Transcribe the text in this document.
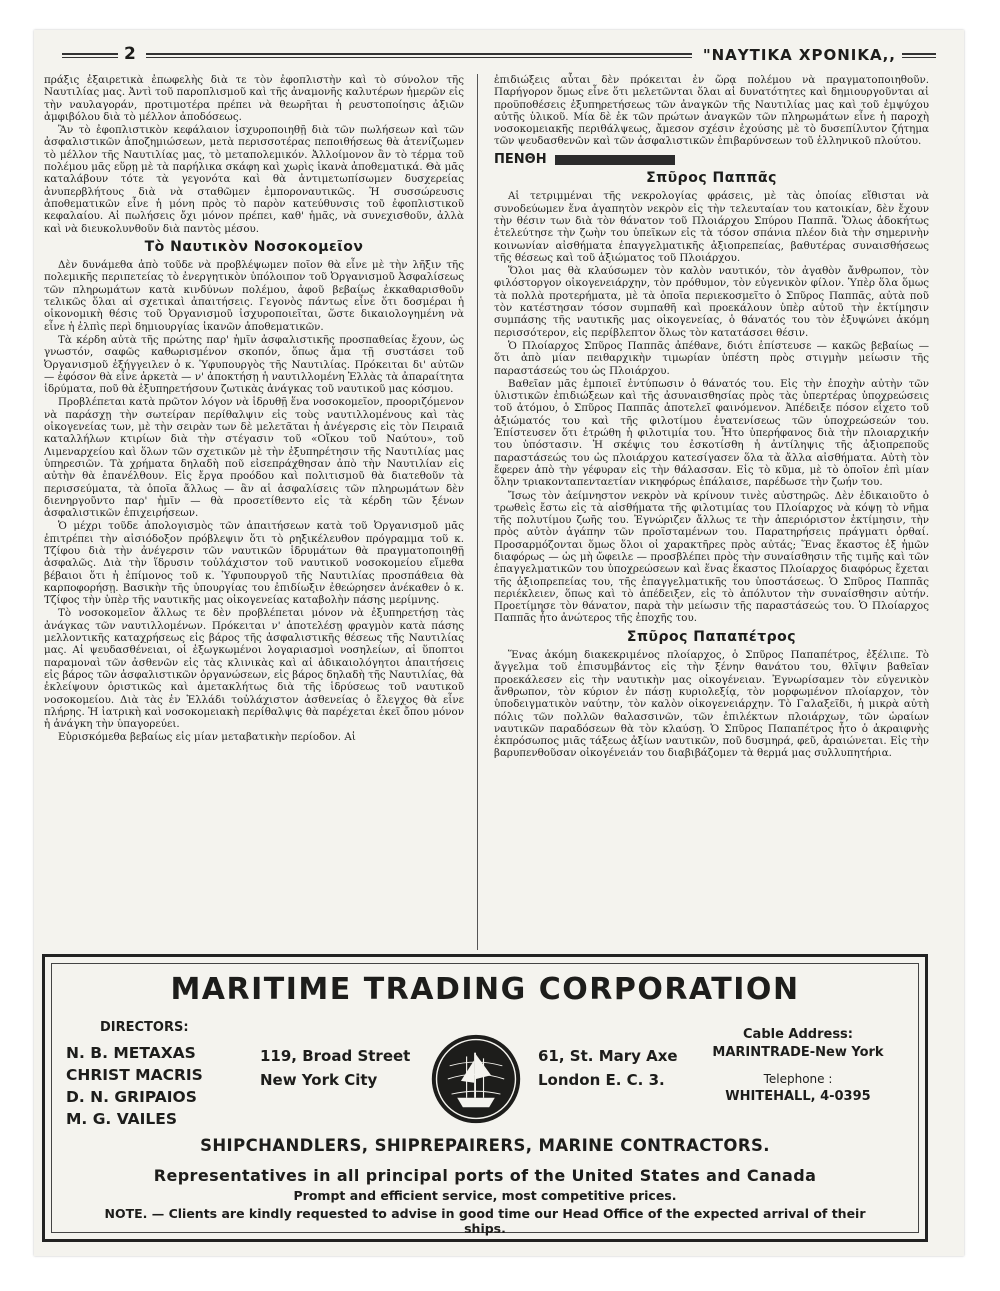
2	"ΝΑΥΤΙΚΑ ΧΡΟΝΙΚΑ,,

πράξις ἐξαιρετικὰ ἐπωφελὴς διὰ τε τὸν ἐφοπλιστὴν καὶ τὸ σύνολον τῆς Ναυτιλίας μας. Ἀντὶ τοῦ παροπλισμοῦ καὶ τῆς ἀναμονῆς καλυτέρων ἡμερῶν εἰς τὴν ναυλαγοράν, προτιμοτέρα πρέπει νὰ θεωρῆται ἡ ρευστοποίησις ἀξιῶν ἀμφιβόλου διὰ τὸ μέλλον ἀποδόσεως.

Ἂν τὸ ἐφοπλιστικὸν κεφάλαιον ἰσχυροποιηθῇ διὰ τῶν πωλήσεων καὶ τῶν ἀσφαλιστικῶν ἀποζημιώσεων, μετὰ περισσοτέρας πεποιθήσεως θὰ ἀτενίζωμεν τὸ μέλλον τῆς Ναυτιλίας μας, τὸ μεταπολεμικόν. Ἀλλοίμονον ἂν τὸ τέρμα τοῦ πολέμου μᾶς εὕρῃ μὲ τὰ παρήλικα σκάφη καὶ χωρὶς ἱκανὰ ἀποθεματικά. Θὰ μᾶς καταλάβουν τότε τὰ γεγονότα καὶ θὰ ἀντιμετωπίσωμεν δυσχερείας ἀνυπερβλήτους διὰ νὰ σταθῶμεν ἐμποροναυτικῶς. Ἡ συσσώρευσις ἀποθεματικῶν εἶνε ἡ μόνη πρὸς τὸ παρὸν κατεύθυνσις τοῦ ἐφοπλιστικοῦ κεφαλαίου. Αἱ πωλήσεις ὄχι μόνον πρέπει, καθ' ἡμᾶς, νὰ συνεχισθοῦν, ἀλλὰ καὶ νὰ διευκολυνθοῦν διὰ παντὸς μέσου.

Τὸ Ναυτικὸν Νοσοκομεῖον

Δὲν δυνάμεθα ἀπὸ τοῦδε νὰ προβλέψωμεν ποῖον θὰ εἶνε μὲ τὴν λῆξιν τῆς πολεμικῆς περιπετείας τὸ ἐνεργητικὸν ὑπόλοιπον τοῦ Ὀργανισμοῦ Ἀσφαλίσεως τῶν πληρωμάτων κατὰ κινδύνων πολέμου, ἀφοῦ βεβαίως ἐκκαθαρισθοῦν τελικῶς ὅλαι αἱ σχετικαὶ ἀπαιτήσεις. Γεγονὸς πάντως εἶνε ὅτι δοσμέραι ἡ οἰκονομικὴ θέσις τοῦ Ὀργανισμοῦ ἰσχυροποιεῖται, ὥστε δικαιολογημένη νὰ εἶνε ἡ ἐλπὶς περὶ δημιουργίας ἱκανῶν ἀποθεματικῶν.

Τὰ κέρδη αὐτὰ τῆς πρώτης παρ' ἡμῖν ἀσφαλιστικῆς προσπαθείας ἔχουν, ὡς γνωστόν, σαφῶς καθωρισμένον σκοπόν, ὅπως ἄμα τῇ συστάσει τοῦ Ὀργανισμοῦ ἐξήγγειλεν ὁ κ. Ὑφυπουργὸς τῆς Ναυτιλίας. Πρόκειται δι' αὐτῶν — ἐφόσον θὰ εἶνε ἀρκετὰ — ν' ἀποκτήσῃ ἡ ναυτιλλομένη Ἑλλὰς τὰ ἀπαραίτητα ἱδρύματα, ποῦ θὰ ἐξυπηρετήσουν ζωτικὰς ἀνάγκας τοῦ ναυτικοῦ μας κόσμου.

Προβλέπεται κατὰ πρῶτον λόγον νὰ ἱδρυθῇ ἕνα νοσοκομεῖον, προοριζόμενον νὰ παράσχῃ τὴν σωτείραν περίθαλψιν εἰς τοὺς ναυτιλλομένους καὶ τὰς οἰκογενείας των, μὲ τὴν σειρὰν των δὲ μελετᾶται ἡ ἀνέγερσις εἰς τὸν Πειραιᾶ καταλλήλων κτιρίων διὰ τὴν στέγασιν τοῦ «Οἴκου τοῦ Ναύτου», τοῦ Λιμεναρχείου καὶ ὅλων τῶν σχετικῶν μὲ τὴν ἐξυπηρέτησιν τῆς Ναυτιλίας μας ὑπηρεσιῶν. Τὰ χρήματα δηλαδὴ ποῦ εἰσεπράχθησαν ἀπὸ τὴν Ναυτιλίαν εἰς αὐτὴν θὰ ἐπανέλθουν. Εἰς ἔργα προόδου καὶ πολιτισμοῦ θὰ διατεθοῦν τὰ περισσεύματα, τὰ ὁποῖα ἄλλως — ἂν αἱ ἀσφαλίσεις τῶν πληρωμάτων δὲν διενηργοῦντο παρ' ἡμῖν — θὰ προσετίθεντο εἰς τὰ κέρδη τῶν ξένων ἀσφαλιστικῶν ἐπιχειρήσεων.

Ὁ μέχρι τοῦδε ἀπολογισμὸς τῶν ἀπαιτήσεων κατὰ τοῦ Ὀργανισμοῦ μᾶς ἐπιτρέπει τὴν αἰσιόδοξον πρόβλεψιν ὅτι τὸ ρηξικέλευθον πρόγραμμα τοῦ κ. Τζίφου διὰ τὴν ἀνέγερσιν τῶν ναυτικῶν ἱδρυμάτων θὰ πραγματοποιηθῇ ἀσφαλῶς. Διὰ τὴν ἵδρυσιν τοὐλάχιστον τοῦ ναυτικοῦ νοσοκομείου εἴμεθα βέβαιοι ὅτι ἡ ἐπίμονος τοῦ κ. Ὑφυπουργοῦ τῆς Ναυτιλίας προσπάθεια θὰ καρποφορήσῃ. Βασικὴν τῆς ὑπουργίας του ἐπιδίωξιν ἐθεώρησεν ἀνέκαθεν ὁ κ. Τζίφος τὴν ὑπὲρ τῆς ναυτικῆς μας οἰκογενείας καταβολὴν πάσης μερίμνης.

Τὸ νοσοκομεῖον ἄλλως τε δὲν προβλέπεται μόνον νὰ ἐξυπηρετήσῃ τὰς ἀνάγκας τῶν ναυτιλλομένων. Πρόκειται ν' ἀποτελέσῃ φραγμὸν κατὰ πάσης μελλοντικῆς καταχρήσεως εἰς βάρος τῆς ἀσφαλιστικῆς θέσεως τῆς Ναυτιλίας μας. Αἱ ψευδασθένειαι, οἱ ἐξωγκωμένοι λογαριασμοὶ νοσηλείων, αἱ ὕποπτοι παραμοναὶ τῶν ἀσθενῶν εἰς τὰς κλινικὰς καὶ αἱ ἀδικαιολόγητοι ἀπαιτήσεις εἰς βάρος τῶν ἀσφαλιστικῶν ὀργανώσεων, εἰς βάρος δηλαδὴ τῆς Ναυτιλίας, θὰ ἐκλείψουν ὁριστικῶς καὶ ἀμετακλήτως διὰ τῆς ἱδρύσεως τοῦ ναυτικοῦ νοσοκομείου. Διὰ τὰς ἐν Ἑλλάδι τοὐλάχιστον ἀσθενείας ὁ ἔλεγχος θὰ εἶνε πλήρης. Ἡ ἰατρικὴ καὶ νοσοκομειακὴ περίθαλψις θὰ παρέχεται ἐκεῖ ὄπου μόνον ἡ ἀνάγκη τὴν ὑπαγορεύει.

Εὑρισκόμεθα βεβαίως εἰς μίαν μεταβατικὴν περίοδον. Αἱ

ἐπιδιώξεις αὗται δὲν πρόκειται ἐν ὥρᾳ πολέμου νὰ πραγματοποιηθοῦν. Παρήγορον ὅμως εἶνε ὅτι μελετῶνται ὅλαι αἱ δυνατότητες καὶ δημιουργοῦνται αἱ προϋποθέσεις ἐξυπηρετήσεως τῶν ἀναγκῶν τῆς Ναυτιλίας μας καὶ τοῦ ἐμψύχου αὐτῆς ὑλικοῦ. Μία δὲ ἐκ τῶν πρώτων ἀναγκῶν τῶν πληρωμάτων εἶνε ἡ παροχὴ νοσοκομειακῆς περιθάλψεως, ἄμεσον σχέσιν ἐχούσης μὲ τὸ δυσεπίλυτον ζήτημα τῶν ψευδασθενῶν καὶ τῶν ἀσφαλιστικῶν ἐπιβαρύνσεων τοῦ ἑλληνικοῦ πλούτου.

ΠΕΝΘΗ
Σπῦρος Παππᾶς

Αἱ τετριμμέναι τῆς νεκρολογίας φράσεις, μὲ τὰς ὁποίας εἴθισται νὰ συνοδεύωμεν ἕνα ἀγαπητὸν νεκρὸν εἰς τὴν τελευταίαν του κατοικίαν, δὲν ἔχουν τὴν θέσιν των διὰ τὸν θάνατον τοῦ Πλοιάρχου Σπύρου Παππᾶ. Ὅλως ἀδοκήτως ἐτελεύτησε τὴν ζωὴν του ὑπεῖκων εἰς τὰ τόσον σπάνια πλέον διὰ τὴν σημερινὴν κοινωνίαν αἰσθήματα ἐπαγγελματικῆς ἀξιοπρεπείας, βαθυτέρας συναισθήσεως τῆς θέσεως καὶ τοῦ ἀξιώματος τοῦ Πλοιάρχου.

Ὅλοι μας θὰ κλαύσωμεν τὸν καλὸν ναυτικόν, τὸν ἀγαθὸν ἄνθρωπον, τὸν φιλόστοργον οἰκογενειάρχην, τὸν πρόθυμον, τὸν εὐγενικὸν φίλον. Ὑπὲρ ὅλα ὅμως τὰ πολλὰ προτερήματα, μὲ τὰ ὁποῖα περιεκοσμεῖτο ὁ Σπῦρος Παππᾶς, αὐτὰ ποῦ τὸν κατέστησαν τόσον συμπαθῆ καὶ προεκάλουν ὑπὲρ αὐτοῦ τὴν ἐκτίμησιν συμπάσης τῆς ναυτικῆς μας οἰκογενείας, ὁ θάνατός του τὸν ἐξυψώνει ἀκόμη περισσότερον, εἰς περίβλεπτον ὅλως τὸν κατατάσσει θέσιν.

Ὁ Πλοίαρχος Σπῦρος Παππᾶς ἀπέθανε, διότι ἐπίστευσε — κακῶς βεβαίως — ὅτι ἀπὸ μίαν πειθαρχικὴν τιμωρίαν ὑπέστη πρὸς στιγμὴν μείωσιν τῆς παραστάσεώς του ὡς Πλοιάρχου.

Βαθεῖαν μᾶς ἐμποιεῖ ἐντύπωσιν ὁ θάνατός του. Εἰς τὴν ἐποχὴν αὐτὴν τῶν ὑλιστικῶν ἐπιδιώξεων καὶ τῆς ἀσυναισθησίας πρὸς τὰς ὑπερτέρας ὑποχρεώσεις τοῦ ἀτόμου, ὁ Σπῦρος Παππᾶς ἀποτελεῖ φαινόμενον. Ἀπέδειξε πόσον εἶχετο τοῦ ἀξιώματός του καὶ τῆς φιλοτίμου ἐνατενίσεως τῶν ὑποχρεώσεών του. Ἐπίστευσεν ὅτι ἐτρώθη ἡ φιλοτιμία του. Ἦτο ὑπερήφανος διὰ τὴν πλοιαρχικήν του ὑπόστασιν. Ἡ σκέψις του ἐσκοτίσθη ἡ ἀντίληψις τῆς ἀξιοπρεποῦς παραστάσεώς του ὡς πλοιάρχου κατεσίγασεν ὅλα τὰ ἄλλα αἰσθήματα. Αὐτὴ τὸν ἔφερεν ἀπὸ τὴν γέφυραν εἰς τὴν θάλασσαν. Εἰς τὸ κῦμα, μὲ τὸ ὁποῖον ἐπὶ μίαν ὅλην τριακονταπενταετίαν νικηφόρως ἐπάλαισε, παρέδωσε τὴν ζωήν του.

Ἴσως τὸν ἀείμνηστον νεκρὸν νὰ κρίνουν τινὲς αὐστηρῶς. Δὲν ἐδικαιοῦτο ὁ τρωθεὶς ἔστω εἰς τὰ αἰσθήματα τῆς φιλοτιμίας του Πλοίαρχος νὰ κόψῃ τὸ νῆμα τῆς πολυτίμου ζωῆς του. Ἐγνώριζεν ἄλλως τε τὴν ἀπεριόριστον ἐκτίμησιν, τὴν πρὸς αὐτὸν ἀγάπην τῶν προϊσταμένων του. Παρατηρήσεις πράγματι ὀρθαί. Προσαρμόζονται ὅμως ὅλοι οἱ χαρακτῆρες πρὸς αὐτάς; Ἕνας ἕκαστος ἐξ ἡμῶν διαφόρως — ὡς μὴ ὤφειλε — προσβλέπει πρὸς τὴν συναίσθησιν τῆς τιμῆς καὶ τῶν ἐπαγγελματικῶν του ὑποχρεώσεων καὶ ἕνας ἕκαστος Πλοίαρχος διαφόρως ἔχεται τῆς ἀξιοπρεπείας του, τῆς ἐπαγγελματικῆς του ὑποστάσεως. Ὁ Σπῦρος Παππᾶς περιέκλειεν, ὅπως καὶ τὸ ἀπέδειξεν, εἰς τὸ ἀπόλυτον τὴν συναίσθησιν αὐτήν. Προετίμησε τὸν θάνατον, παρὰ τὴν μείωσιν τῆς παραστάσεώς του. Ὁ Πλοίαρχος Παππᾶς ἦτο ἀνώτερος τῆς ἐποχῆς του.

Σπῦρος Παπαπέτρος

Ἕνας ἀκόμη διακεκριμένος πλοίαρχος, ὁ Σπῦρος Παπαπέτρος, ἐξέλιπε. Τὸ ἄγγελμα τοῦ ἐπισυμβάντος εἰς τὴν ξένην θανάτου του, θλῖψιν βαθεῖαν προεκάλεσεν εἰς τὴν ναυτικὴν μας οἰκογένειαν. Ἐγνωρίσαμεν τὸν εὐγενικὸν ἄνθρωπον, τὸν κύριον ἐν πάσῃ κυριολεξίᾳ, τὸν μορφωμένον πλοίαρχον, τὸν ὑποδειγματικὸν ναύτην, τὸν καλὸν οἰκογενειάρχην. Τὸ Γαλαξεῖδι, ἡ μικρὰ αὐτὴ πόλις τῶν πολλῶν θαλασσινῶν, τῶν ἐπιλέκτων πλοιάρχων, τῶν ὡραίων ναυτικῶν παραδόσεων θὰ τὸν κλαύσῃ. Ὁ Σπῦρος Παπαπέτρος ἦτο ὁ ἀκραιφνὴς ἐκπρόσωπος μιᾶς τάξεως ἀξίων ναυτικῶν, ποῦ δυσμηρά, φεῦ, ἀραιώνεται. Εἰς τὴν βαρυπενθοῦσαν οἰκογένειάν του διαβιβάζομεν τὰ θερμά μας συλλυπητήρια.

MARITIME TRADING CORPORATION
DIRECTORS:
N. B. METAXAS
CHRIST MACRIS
D. N. GRIPAIOS
M. G. VAILES
119, Broad Street
New York City
61, St. Mary Axe
London E. C. 3.
Cable Address:
MARINTRADE-New York
Telephone :
WHITEHALL, 4-0395
SHIPCHANDLERS, SHIPREPAIRERS, MARINE CONTRACTORS.
Representatives in all principal ports of the United States and Canada
Prompt and efficient service, most competitive prices.
NOTE. — Clients are kindly requested to advise in good time our Head Office of the expected arrival of their ships.
